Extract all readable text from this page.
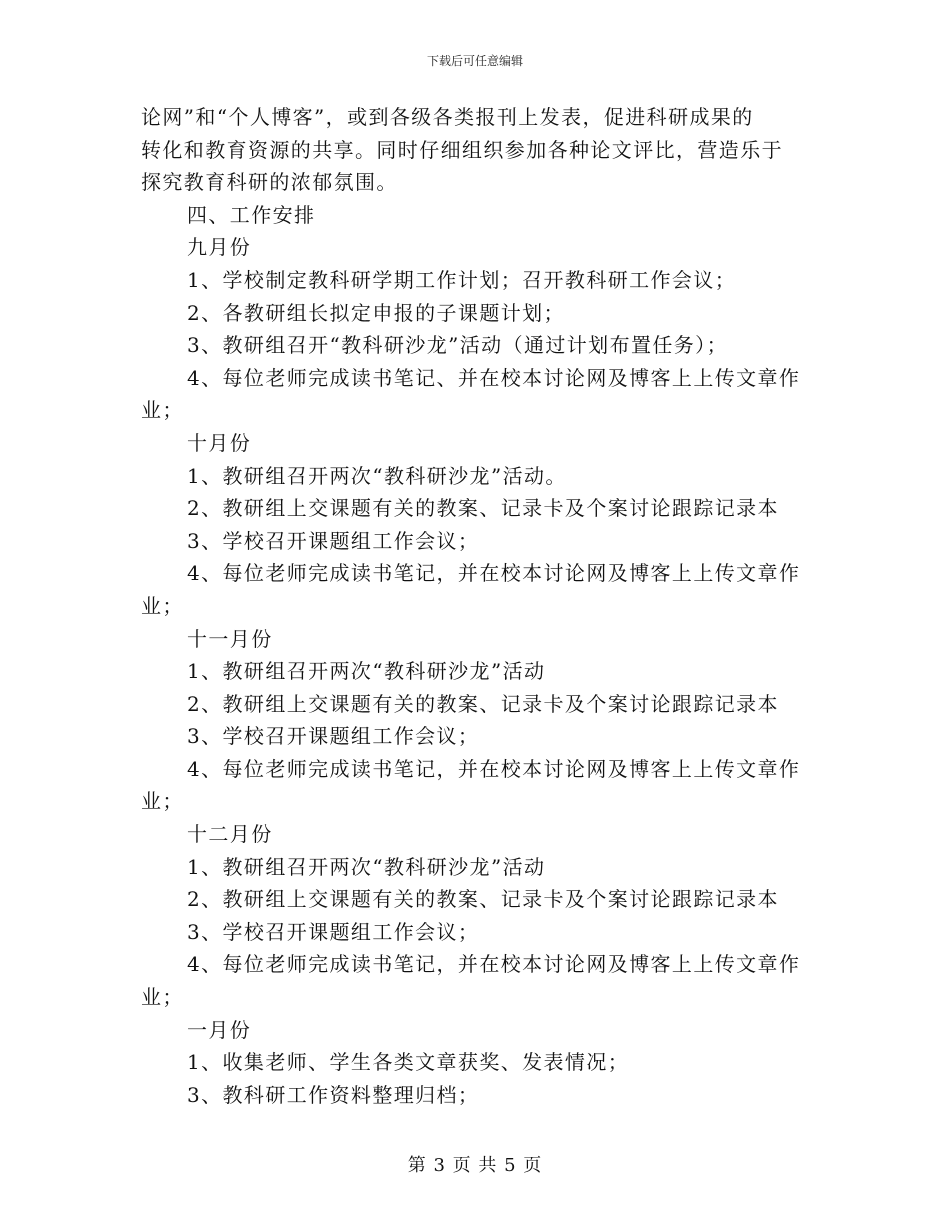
下载后可任意编辑
论网”和“个人博客”，或到各级各类报刊上发表，促进科研成果的
转化和教育资源的共享。同时仔细组织参加各种论文评比，营造乐于
探究教育科研的浓郁氛围。
四、工作安排
九月份
1、学校制定教科研学期工作计划；召开教科研工作会议；
2、各教研组长拟定申报的子课题计划；
3、教研组召开“教科研沙龙”活动（通过计划布置任务）；
4、每位老师完成读书笔记、并在校本讨论网及博客上上传文章作
业；
十月份
1、教研组召开两次“教科研沙龙”活动。
2、教研组上交课题有关的教案、记录卡及个案讨论跟踪记录本
3、学校召开课题组工作会议；
4、每位老师完成读书笔记，并在校本讨论网及博客上上传文章作
业；
十一月份
1、教研组召开两次“教科研沙龙”活动
2、教研组上交课题有关的教案、记录卡及个案讨论跟踪记录本
3、学校召开课题组工作会议；
4、每位老师完成读书笔记，并在校本讨论网及博客上上传文章作
业；
十二月份
1、教研组召开两次“教科研沙龙”活动
2、教研组上交课题有关的教案、记录卡及个案讨论跟踪记录本
3、学校召开课题组工作会议；
4、每位老师完成读书笔记，并在校本讨论网及博客上上传文章作
业；
一月份
1、收集老师、学生各类文章获奖、发表情况；
3、教科研工作资料整理归档；
第 3 页 共 5 页
